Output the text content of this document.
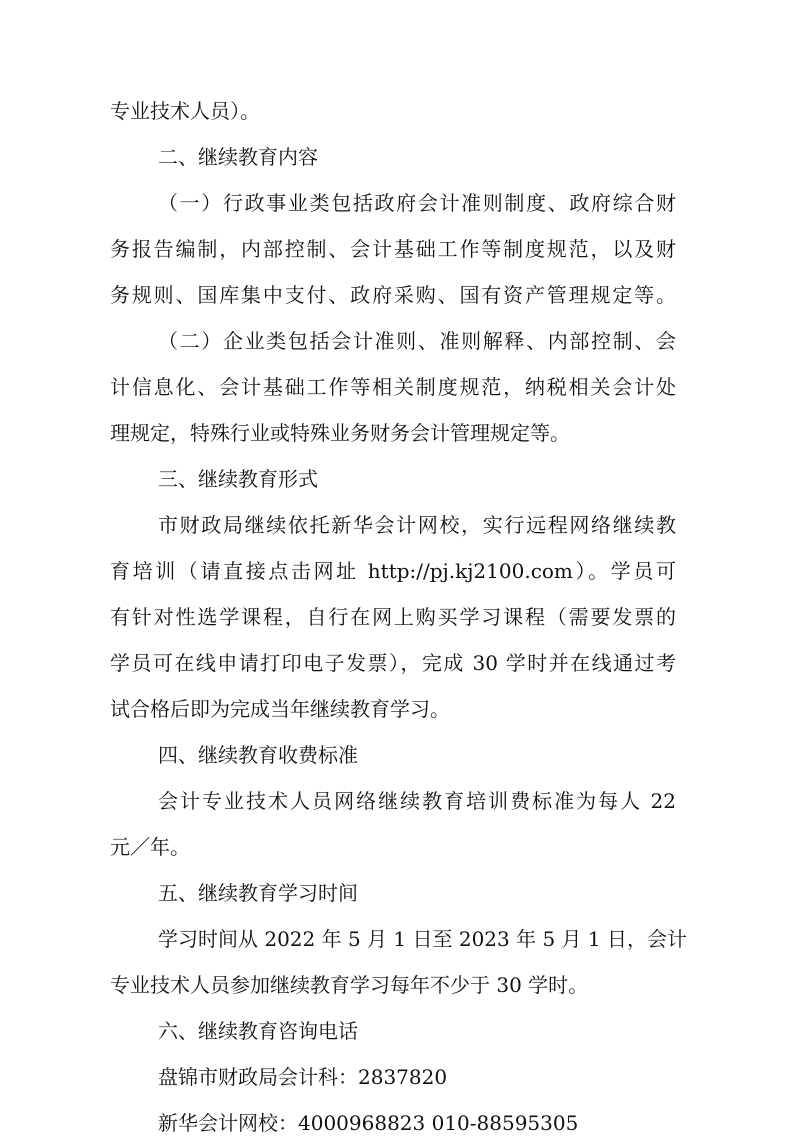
专业技术人员）。
二、继续教育内容
（一）行政事业类包括政府会计准则制度、政府综合财
务报告编制，内部控制、会计基础工作等制度规范，以及财
务规则、国库集中支付、政府采购、国有资产管理规定等。
（二）企业类包括会计准则、准则解释、内部控制、会
计信息化、会计基础工作等相关制度规范，纳税相关会计处
理规定，特殊行业或特殊业务财务会计管理规定等。
三、继续教育形式
市财政局继续依托新华会计网校，实行远程网络继续教
育培训（请直接点击网址 http://pj.kj2100.com）。学员可
有针对性选学课程，自行在网上购买学习课程（需要发票的
学员可在线申请打印电子发票），完成 30 学时并在线通过考
试合格后即为完成当年继续教育学习。
四、继续教育收费标准
会计专业技术人员网络继续教育培训费标准为每人 22
元／年。
五、继续教育学习时间
学习时间从 2022 年 5 月 1 日至 2023 年 5 月 1 日，会计
专业技术人员参加继续教育学习每年不少于 30 学时。
六、继续教育咨询电话
盘锦市财政局会计科：2837820
新华会计网校：4000968823 010-88595305
